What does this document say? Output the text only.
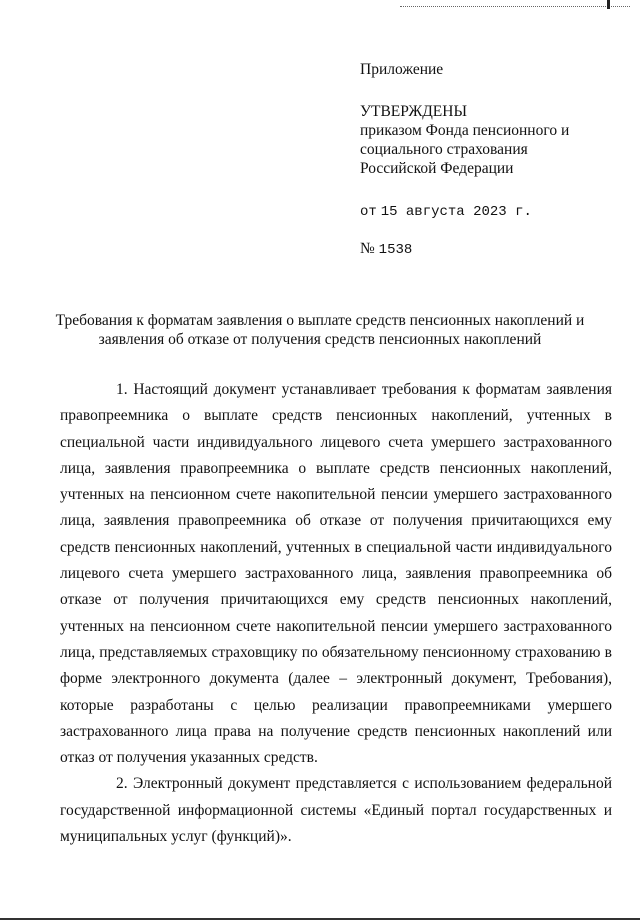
Приложение

УТВЕРЖДЕНЫ

приказом Фонда пенсионного и

социального страхования

Российской Федерации

от 15 августа 2023 г.

№ 1538

Требования к форматам заявления о выплате средств пенсионных накоплений и заявления об отказе от получения средств пенсионных накоплений

1. Настоящий документ устанавливает требования к форматам заявления правопреемника о выплате средств пенсионных накоплений, учтенных в специальной части индивидуального лицевого счета умершего застрахованного лица, заявления правопреемника о выплате средств пенсионных накоплений, учтенных на пенсионном счете накопительной пенсии умершего застрахованного лица, заявления правопреемника об отказе от получения причитающихся ему средств пенсионных накоплений, учтенных в специальной части индивидуального лицевого счета умершего застрахованного лица, заявления правопреемника об отказе от получения причитающихся ему средств пенсионных накоплений, учтенных на пенсионном счете накопительной пенсии умершего застрахованного лица, представляемых страховщику по обязательному пенсионному страхованию в форме электронного документа (далее – электронный документ, Требования), которые разработаны с целью реализации правопреемниками умершего застрахованного лица права на получение средств пенсионных накоплений или отказ от получения указанных средств.

2. Электронный документ представляется с использованием федеральной государственной информационной системы «Единый портал государственных и муниципальных услуг (функций)».
